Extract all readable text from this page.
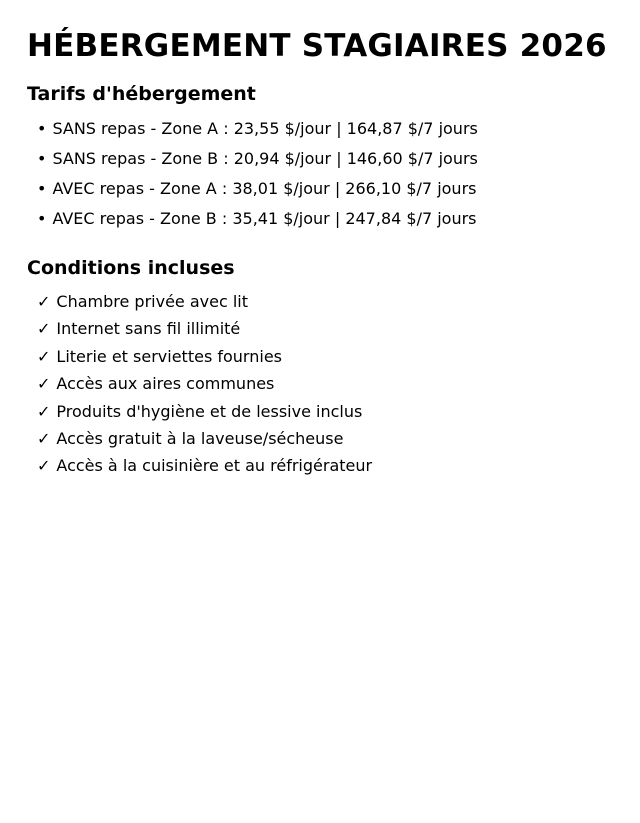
HÉBERGEMENT STAGIAIRES 2026
Tarifs d'hébergement
• SANS repas - Zone A : 23,55 $/jour | 164,87 $/7 jours
• SANS repas - Zone B : 20,94 $/jour | 146,60 $/7 jours
• AVEC repas - Zone A : 38,01 $/jour | 266,10 $/7 jours
• AVEC repas - Zone B : 35,41 $/jour | 247,84 $/7 jours
Conditions incluses
✓ Chambre privée avec lit
✓ Internet sans fil illimité
✓ Literie et serviettes fournies
✓ Accès aux aires communes
✓ Produits d'hygiène et de lessive inclus
✓ Accès gratuit à la laveuse/sécheuse
✓ Accès à la cuisinière et au réfrigérateur
